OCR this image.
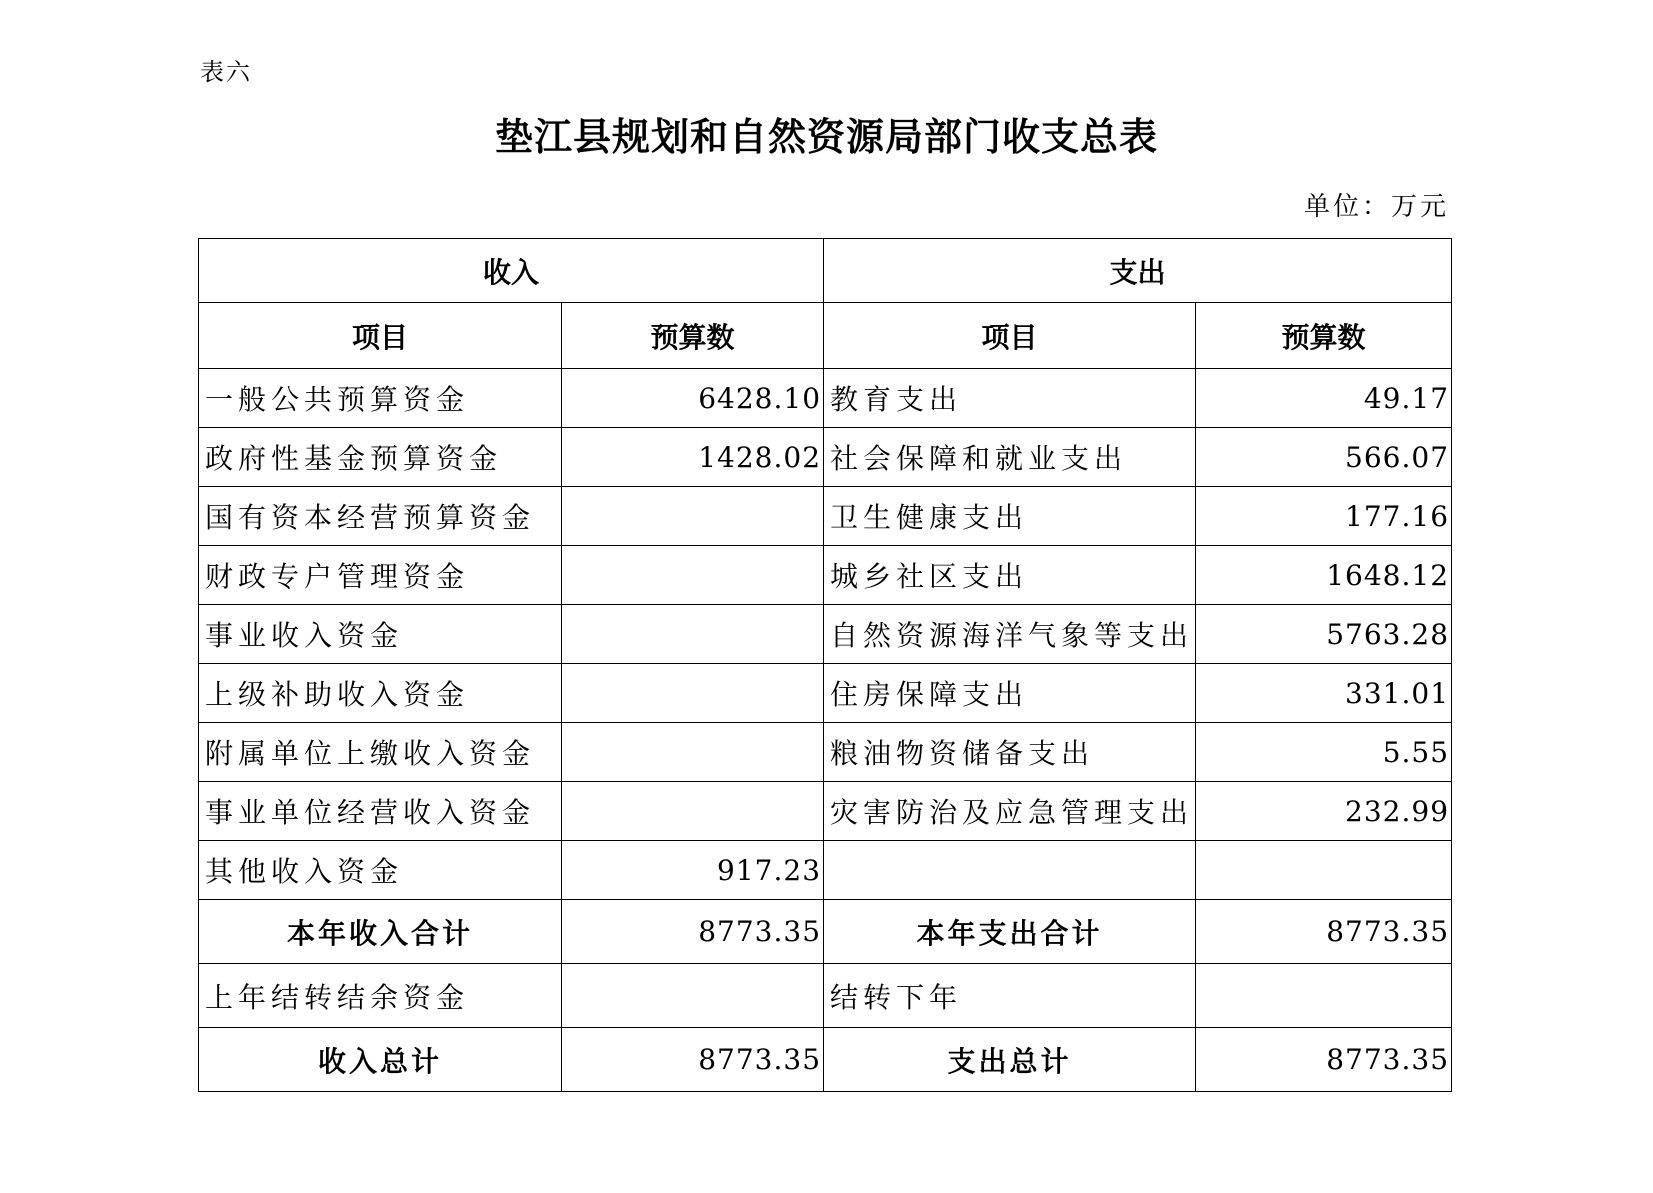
表六
垫江县规划和自然资源局部门收支总表
单位：万元
收入		支出	
项目	预算数	项目	预算数
一般公共预算资金	6428.10	教育支出	49.17
政府性基金预算资金	1428.02	社会保障和就业支出	566.07
国有资本经营预算资金		卫生健康支出	177.16
财政专户管理资金		城乡社区支出	1648.12
事业收入资金		自然资源海洋气象等支出	5763.28
上级补助收入资金		住房保障支出	331.01
附属单位上缴收入资金		粮油物资储备支出	5.55
事业单位经营收入资金		灾害防治及应急管理支出	232.99
其他收入资金	917.23		
本年收入合计	8773.35	本年支出合计	8773.35
上年结转结余资金		结转下年	
收入总计	8773.35	支出总计	8773.35
